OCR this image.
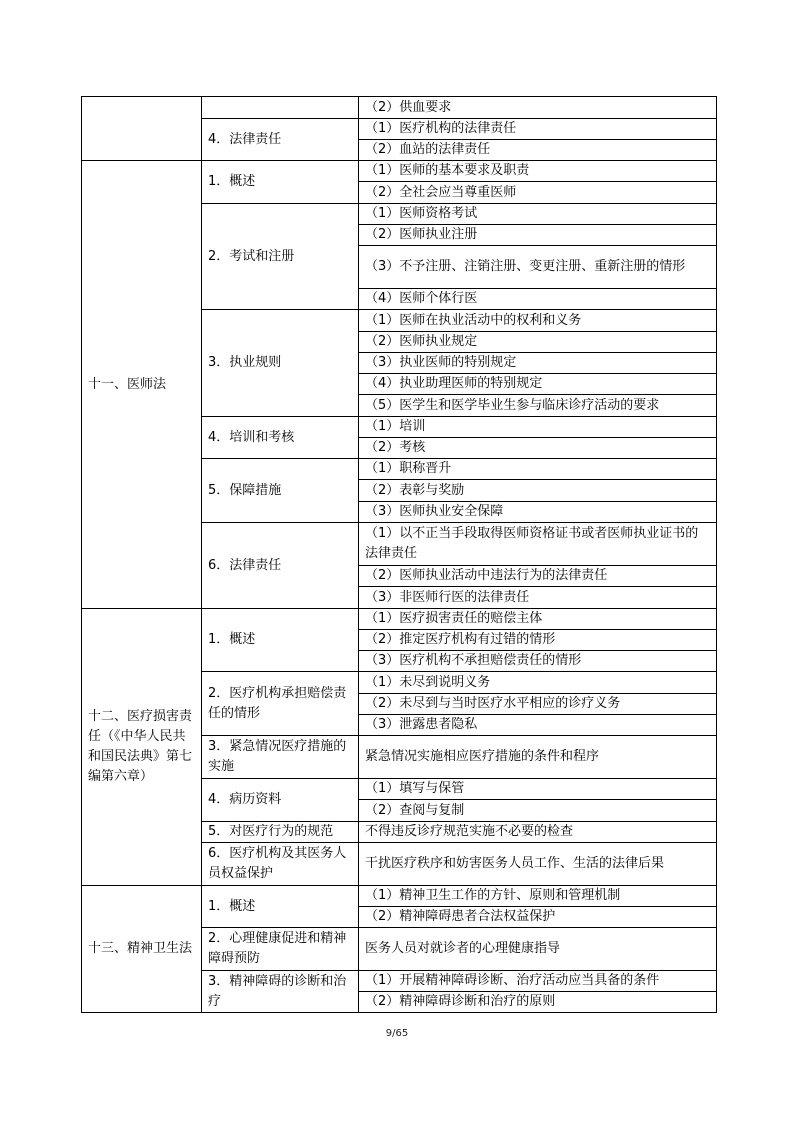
		（2）供血要求
	4．法律责任	（1）医疗机构的法律责任
		（2）血站的法律责任
十一、医师法	1．概述	（1）医师的基本要求及职责
		（2）全社会应当尊重医师
	2．考试和注册	（1）医师资格考试
		（2）医师执业注册
		（3）不予注册、注销注册、变更注册、重新注册的情形
		（4）医师个体行医
	3．执业规则	（1）医师在执业活动中的权利和义务
		（2）医师执业规定
		（3）执业医师的特别规定
		（4）执业助理医师的特别规定
		（5）医学生和医学毕业生参与临床诊疗活动的要求
	4．培训和考核	（1）培训
		（2）考核
	5．保障措施	（1）职称晋升
		（2）表彰与奖励
		（3）医师执业安全保障
	6．法律责任	（1）以不正当手段取得医师资格证书或者医师执业证书的法律责任
		（2）医师执业活动中违法行为的法律责任
		（3）非医师行医的法律责任
十二、医疗损害责任（《中华人民共和国民法典》第七编第六章）	1．概述	（1）医疗损害责任的赔偿主体
		（2）推定医疗机构有过错的情形
		（3）医疗机构不承担赔偿责任的情形
	2．医疗机构承担赔偿责任的情形	（1）未尽到说明义务
		（2）未尽到与当时医疗水平相应的诊疗义务
		（3）泄露患者隐私
	3．紧急情况医疗措施的实施	紧急情况实施相应医疗措施的条件和程序
	4．病历资料	（1）填写与保管
		（2）查阅与复制
	5．对医疗行为的规范	不得违反诊疗规范实施不必要的检查
	6．医疗机构及其医务人员权益保护	干扰医疗秩序和妨害医务人员工作、生活的法律后果
十三、精神卫生法	1．概述	（1）精神卫生工作的方针、原则和管理机制
		（2）精神障碍患者合法权益保护
	2．心理健康促进和精神障碍预防	医务人员对就诊者的心理健康指导
	3．精神障碍的诊断和治疗	（1）开展精神障碍诊断、治疗活动应当具备的条件
		（2）精神障碍诊断和治疗的原则
9/65
